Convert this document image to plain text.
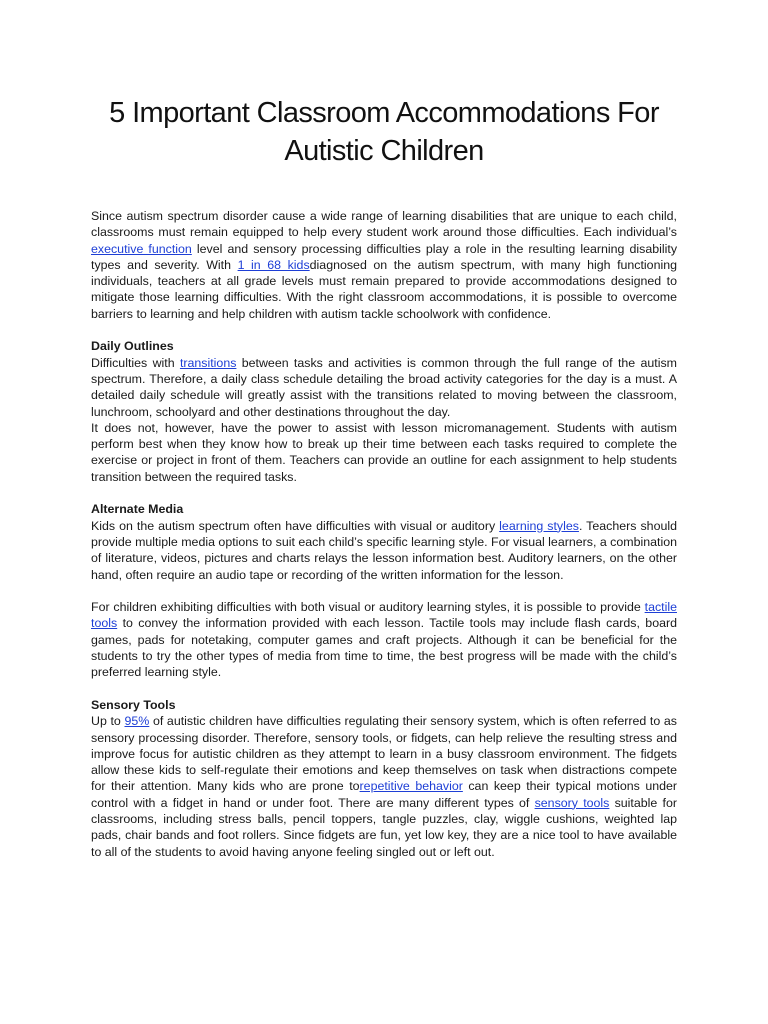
5 Important Classroom Accommodations For
Autistic Children

Since autism spectrum disorder cause a wide range of learning disabilities that are unique to each child, classrooms must remain equipped to help every student work around those difficulties. Each individual’s executive function level and sensory processing difficulties play a role in the resulting learning disability types and severity. With 1 in 68 kidsdiagnosed on the autism spectrum, with many high functioning individuals, teachers at all grade levels must remain prepared to provide accommodations designed to mitigate those learning difficulties. With the right classroom accommodations, it is possible to overcome barriers to learning and help children with autism tackle schoolwork with confidence.

Daily Outlines

Difficulties with transitions between tasks and activities is common through the full range of the autism spectrum. Therefore, a daily class schedule detailing the broad activity categories for the day is a must. A detailed daily schedule will greatly assist with the transitions related to moving between the classroom, lunchroom, schoolyard and other destinations throughout the day.

It does not, however, have the power to assist with lesson micromanagement. Students with autism perform best when they know how to break up their time between each tasks required to complete the exercise or project in front of them. Teachers can provide an outline for each assignment to help students transition between the required tasks.

Alternate Media

Kids on the autism spectrum often have difficulties with visual or auditory learning styles. Teachers should provide multiple media options to suit each child’s specific learning style. For visual learners, a combination of literature, videos, pictures and charts relays the lesson information best. Auditory learners, on the other hand, often require an audio tape or recording of the written information for the lesson.

For children exhibiting difficulties with both visual or auditory learning styles, it is possible to provide tactile tools to convey the information provided with each lesson. Tactile tools may include flash cards, board games, pads for notetaking, computer games and craft projects. Although it can be beneficial for the students to try the other types of media from time to time, the best progress will be made with the child’s preferred learning style.

Sensory Tools

Up to 95% of autistic children have difficulties regulating their sensory system, which is often referred to as sensory processing disorder. Therefore, sensory tools, or fidgets, can help relieve the resulting stress and improve focus for autistic children as they attempt to learn in a busy classroom environment. The fidgets allow these kids to self-regulate their emotions and keep themselves on task when distractions compete for their attention. Many kids who are prone torepetitive behavior can keep their typical motions under control with a fidget in hand or under foot. There are many different types of sensory tools suitable for classrooms, including stress balls, pencil toppers, tangle puzzles, clay, wiggle cushions, weighted lap pads, chair bands and foot rollers. Since fidgets are fun, yet low key, they are a nice tool to have available to all of the students to avoid having anyone feeling singled out or left out.
